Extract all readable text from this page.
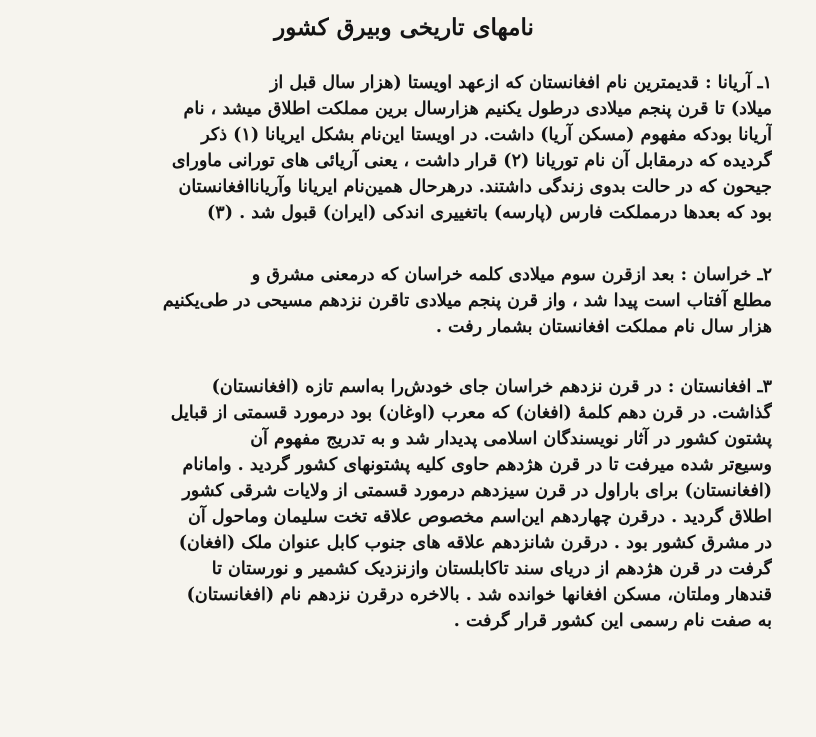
نامهای تاریخی وبیرق کشور
۱ـ آریانا : قدیمترین نام افغانستان که ازعهد اویستا (هزار سال قبل از
میلاد) تا قرن پنجم میلادی درطول یکنیم هزارسال برین مملکت اطلاق میشد ، نام
آریانا بودکه مفهوم (مسکن آریا) داشت. در اویستا این‌نام بشکل ایریانا (۱) ذکر
گردیده که درمقابل آن نام توریانا (۲) قرار داشت ، یعنی آریائی های تورانی ماورای
جیحون که در حالت بدوی زندگی داشتند. درهرحال همین‌نام ایریانا وآریاناافغانستان
بود که بعدها درمملکت فارس (پارسه) باتغییری اندکی (ایران) قبول شد . (۳)
۲ـ خراسان : بعد ازقرن سوم میلادی کلمه خراسان که درمعنی مشرق و
مطلع آفتاب است پیدا شد ، واز قرن پنجم میلادی تاقرن نزدهم مسیحی در طی‌یکنیم
هزار سال نام مملکت افغانستان بشمار رفت .
۳ـ افغانستان : در قرن نزدهم خراسان جای خودش‌را به‌اسم تازه (افغانستان)
گذاشت. در قرن دهم کلمهٔ (افغان) که معرب (اوغان) بود درمورد قسمتی از قبایل
پشتون کشور در آثار نویسندگان اسلامی پدیدار شد و به تدریج مفهوم آن
وسیع‌تر شده میرفت تا در قرن هژدهم حاوی کلیه پشتونهای کشور گردید . وامانام
(افغانستان) برای باراول در قرن سیزدهم درمورد قسمتی از ولایات شرقی کشور
اطلاق گردید . درقرن چهاردهم این‌اسم مخصوص علاقه تخت سلیمان وماحول آن
در مشرق کشور بود . درقرن شانزدهم علاقه های جنوب کابل عنوان ملک (افغان)
گرفت در قرن هژدهم از دریای سند تاکابلستان وازنزدیک کشمیر و نورستان تا
قندهار وملتان، مسکن افغانها خوانده شد . بالاخره درقرن نزدهم نام (افغانستان)
به صفت نام رسمی این کشور قرار گرفت .
